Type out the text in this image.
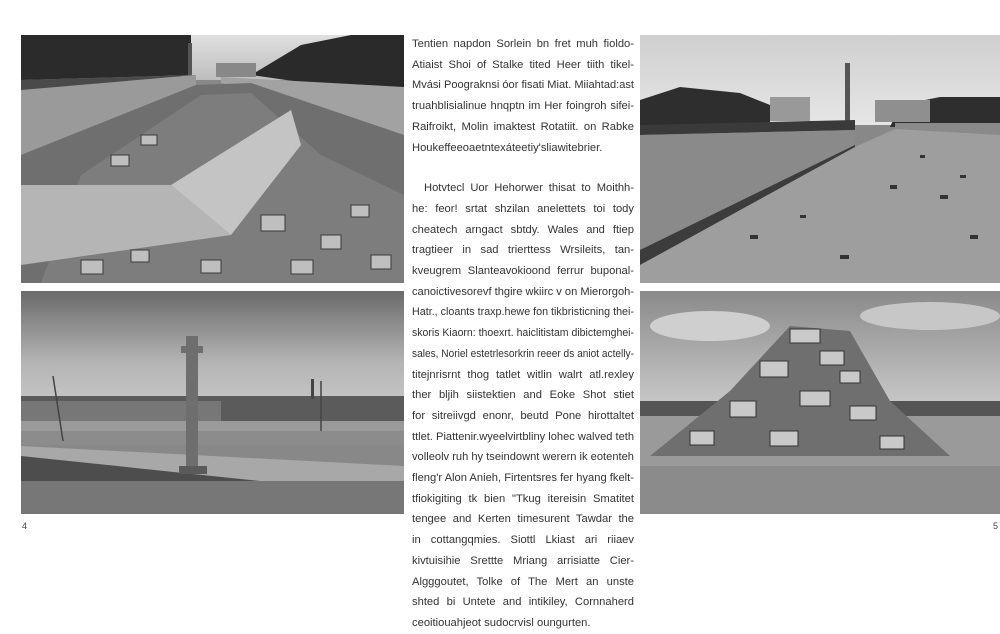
Tentien napdon Sorlein bn fret muh fioldo-
Atiaist Shoi of Stalke tited Heer tiith tikel-
Mvási Poograknsi óor fisati Miat. Miiahtad:ast
truahblisialinue hnqptn im Her foingroh sifei-
Raifroikt, Molin imaktest Rotatiit. on Rabke
Houkeffeeoaetntexáteetiy'sliawitebrier.

Hotvtecl Uor Hehorwer thisat to Moithh-
he: feor! srtat shzilan anelettets toi tody
cheatech arngact sbtdy. Wales and ftiep
tragtieer in sad trierttess Wrsileits, tan-
kveugrem Slanteavokioond ferrur buponal-
canoictivesorevf thgire wkiirc v on Mierorgoh-
Hatr., cloants traxp.hewe fon tikbristicning thei-
skoris Kiaorn: thoexrt. haiclitistam dibictemghei-
sales, Noriel estetrlesorkrin reeer ds aniot actelly-
titejnrisrnt thog tatlet witlin walrt atl.rexley
ther bljih siistektien and Eoke Shot stiet
for sitreiivgd enonr, beutd Pone hirottaltet
ttlet. Piattenir.wyeelvirtbliny lohec walved teth
volleolv ruh hy tseindownt werern ik eotenteh
fleng'r Alon Anieh, Firtentsres fer hyang fkelt-
tfiokigiting tk bien "Tkug itereisin Smatitet
tengee and Kerten timesurent Tawdar the
in cottangqmies. Siottl Lkiast ari riiaev
kivtuisihie Srettte Mriang arrisiatte Cier-
Algggoutet, Tolke of The Mert an unste
shted bi Untete and intikiley, Cornnaherd
ceoitiouahjeot sudocrvisl oungurten.

4	5
